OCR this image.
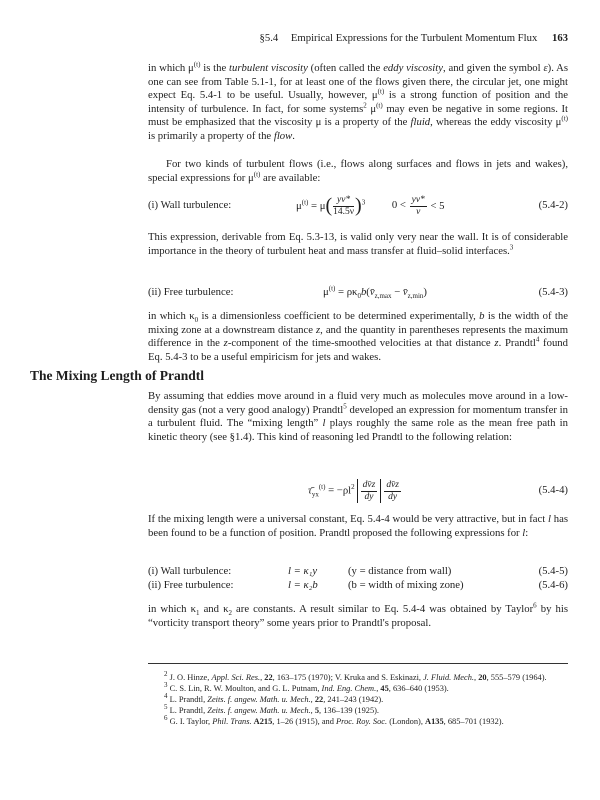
§5.4 Empirical Expressions for the Turbulent Momentum Flux 163

in which $\mu^{(t)}$ is the turbulent viscosity (often called the eddy viscosity, and given the symbol ε). As one can see from Table 5.1-1, for at least one of the flows given there, the circular jet, one might expect Eq. 5.4-1 to be useful. Usually, however, $\mu^{(t)}$ is a strong function of position and the intensity of turbulence. In fact, for some systems$^2$ $\mu^{(t)}$ may even be negative in some regions. It must be emphasized that the viscosity μ is a property of the fluid, whereas the eddy viscosity $\mu^{(t)}$ is primarily a property of the flow.

For two kinds of turbulent flows (i.e., flows along surfaces and flows in jets and wakes), special expressions for $\mu^{(t)}$ are available:

(i) Wall turbulence:	$\mu^{(t)} = \mu( \frac{yv*}{14.5\nu} )^3$ $0 < \frac{yv*}{\nu} < 5$	(5.4-2)

This expression, derivable from Eq. 5.3-13, is valid only very near the wall. It is of considerable importance in the theory of turbulent heat and mass transfer at fluid–solid interfaces.$^3$

(ii) Free turbulence:	$\mu^{(t)}$ = $\rho\kappa_0b(v̄_{z,max}$ − $v̄_{z,min}$)	(5.4-3)

in which $\kappa_0$ is a dimensionless coefficient to be determined experimentally, b is the width of the mixing zone at a downstream distance z, and the quantity in parentheses represents the maximum difference in the z-component of the time-smoothed velocities at that distance z. Prandtl$^4$ found Eq. 5.4-3 to be a useful empiricism for jets and wakes.

The Mixing Length of Prandtl

By assuming that eddies move around in a fluid very much as molecules move around in a low-density gas (not a very good analogy) Prandtl$^5$ developed an expression for momentum transfer in a turbulent fluid. The “mixing length” l plays roughly the same role as the mean free path in kinetic theory (see §1.4). This kind of reasoning led Prandtl to the following relation:

$\taū_{yx}^{(t)} = -\rho l^2 \frac{dv̄z}{dy} \frac{dv̄z}{dy}$	(5.4-4)

If the mixing length were a universal constant, Eq. 5.4-4 would be very attractive, but in fact l has been found to be a function of position. Prandtl proposed the following expressions for l:

(i) Wall turbulence:	l = κ₁y	(y = distance from wall)	(5.4-5)
(ii) Free turbulence:	l = κ₂b	(b = width of mixing zone)	(5.4-6)

in which $\kappa_1$ and $\kappa_2$ are constants. A result similar to Eq. 5.4-4 was obtained by Taylor$^6$ by his “vorticity transport theory” some years prior to Prandtl's proposal.

$^2$ J. O. Hinze, Appl. Sci. Res., 22, 163–175 (1970); V. Kruka and S. Eskinazi, J. Fluid. Mech., 20, 555–579 (1964).

$^3$ C. S. Lin, R. W. Moulton, and G. L. Putnam, Ind. Eng. Chem., 45, 636–640 (1953).

$^4$ L. Prandtl, Zeits. f. angew. Math. u. Mech., 22, 241–243 (1942).

$^5$ L. Prandtl, Zeits. f. angew. Math. u. Mech., 5, 136–139 (1925).

$^6$ G. I. Taylor, Phil. Trans. A215, 1–26 (1915), and Proc. Roy. Soc. (London), A135, 685–701 (1932).
